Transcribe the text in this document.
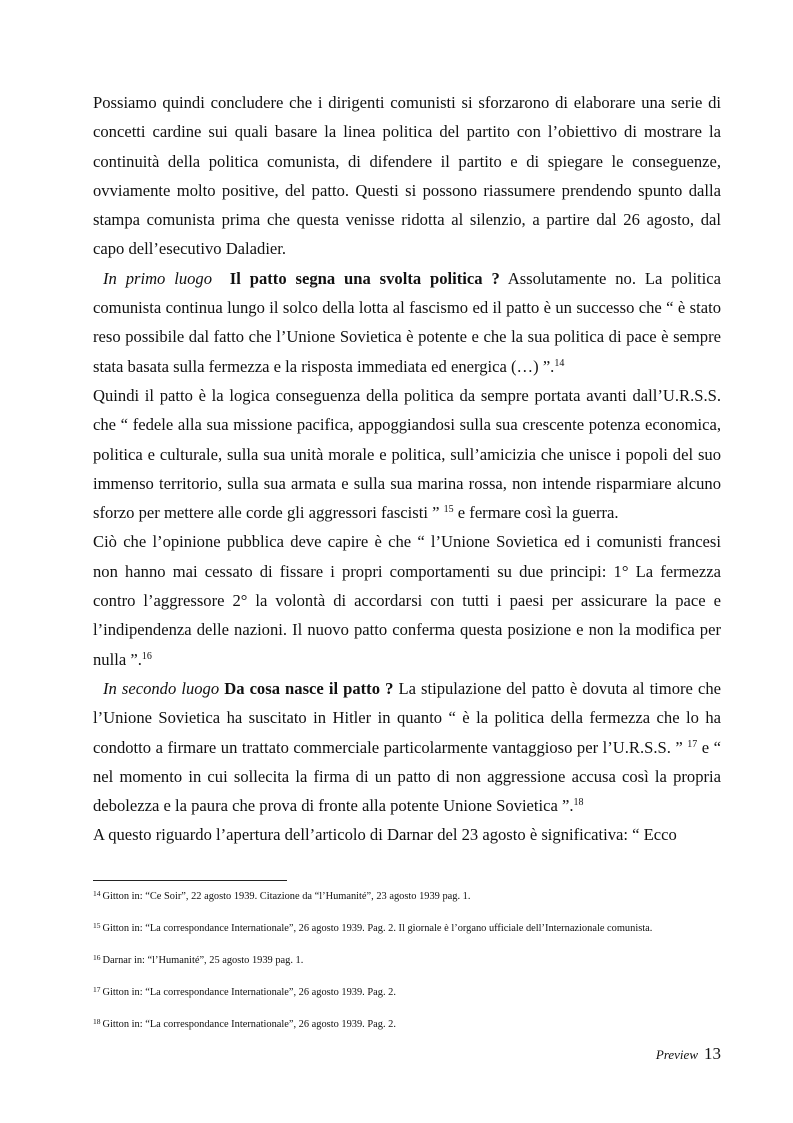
Possiamo quindi concludere che i dirigenti comunisti si sforzarono di elaborare una serie di concetti cardine sui quali basare la linea politica del partito con l’obiettivo di mostrare la continuità della politica comunista, di difendere il partito e di spiegare le conseguenze, ovviamente molto positive, del patto. Questi si possono riassumere prendendo spunto dalla stampa comunista prima che questa venisse ridotta al silenzio, a partire dal 26 agosto, dal capo dell’esecutivo Daladier.

In primo luogo Il patto segna una svolta politica ? Assolutamente no. La politica comunista continua lungo il solco della lotta al fascismo ed il patto è un successo che “ è stato reso possibile dal fatto che l’Unione Sovietica è potente e che la sua politica di pace è sempre stata basata sulla fermezza e la risposta immediata ed energica (…) ”.$^{14}$

Quindi il patto è la logica conseguenza della politica da sempre portata avanti dall’U.R.S.S. che “ fedele alla sua missione pacifica, appoggiandosi sulla sua crescente potenza economica, politica e culturale, sulla sua unità morale e politica, sull’amicizia che unisce i popoli del suo immenso territorio, sulla sua armata e sulla sua marina rossa, non intende risparmiare alcuno sforzo per mettere alle corde gli aggressori fascisti ” $^{15}$ e fermare così la guerra.

Ciò che l’opinione pubblica deve capire è che “ l’Unione Sovietica ed i comunisti francesi non hanno mai cessato di fissare i propri comportamenti su due principi: 1° La fermezza contro l’aggressore 2° la volontà di accordarsi con tutti i paesi per assicurare la pace e l’indipendenza delle nazioni. Il nuovo patto conferma questa posizione e non la modifica per nulla ”.$^{16}$

In secondo luogo Da cosa nasce il patto ? La stipulazione del patto è dovuta al timore che l’Unione Sovietica ha suscitato in Hitler in quanto “ è la politica della fermezza che lo ha condotto a firmare un trattato commerciale particolarmente vantaggioso per l’U.R.S.S. ” $^{17}$ e “ nel momento in cui sollecita la firma di un patto di non aggressione accusa così la propria debolezza e la paura che prova di fronte alla potente Unione Sovietica ”.$^{18}$

A questo riguardo l’apertura dell’articolo di Darnar del 23 agosto è significativa: “ Ecco

$^{14}$ Gitton in: “Ce Soir”, 22 agosto 1939. Citazione da “l’Humanité”, 23 agosto 1939 pag. 1.

$^{15}$ Gitton in: “La correspondance Internationale”, 26 agosto 1939. Pag. 2. Il giornale è l’organo ufficiale dell’Internazionale comunista.

$^{16}$ Darnar in: “l’Humanité”, 25 agosto 1939 pag. 1.

$^{17}$ Gitton in: “La correspondance Internationale”, 26 agosto 1939. Pag. 2.

$^{18}$ Gitton in: “La correspondance Internationale”, 26 agosto 1939. Pag. 2.

Preview 13
